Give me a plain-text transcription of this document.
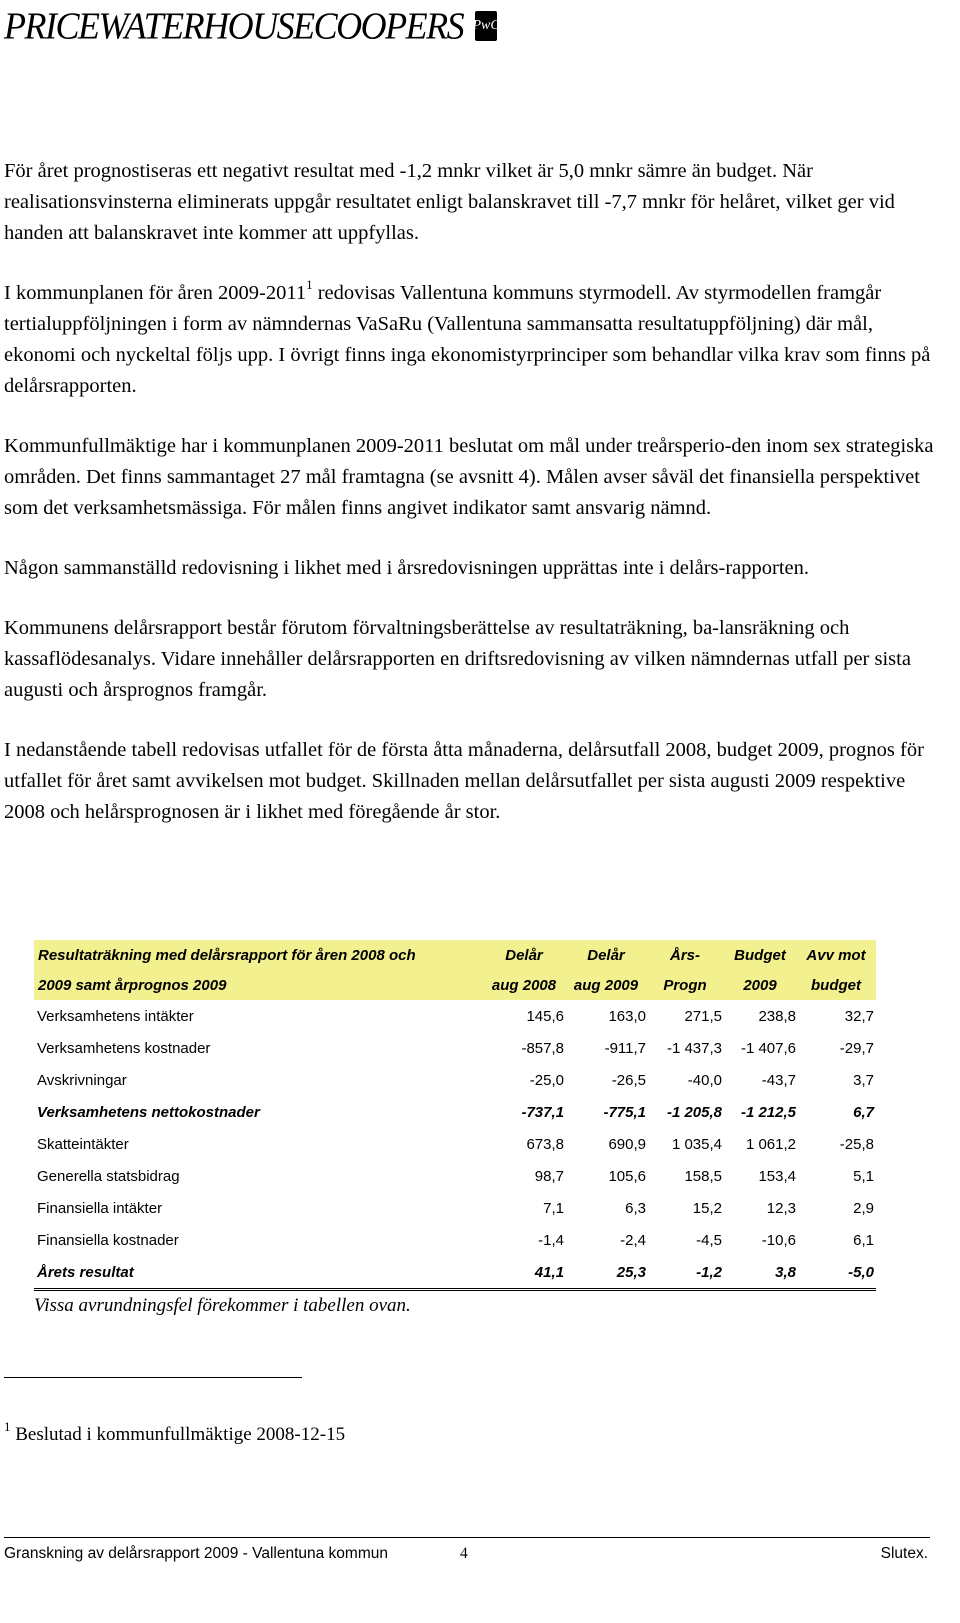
PRICEWATERHOUSECOOPERS PwC

För året prognostiseras ett negativt resultat med -1,2 mnkr vilket är 5,0 mnkr sämre än budget. När realisationsvinsterna eliminerats uppgår resultatet enligt balanskravet till -7,7 mnkr för helåret, vilket ger vid handen att balanskravet inte kommer att uppfyllas.

I kommunplanen för åren 2009-2011$^1$ redovisas Vallentuna kommuns styrmodell. Av styrmodellen framgår tertialuppföljningen i form av nämndernas VaSaRu (Vallentuna sammansatta resultatuppföljning) där mål, ekonomi och nyckeltal följs upp. I övrigt finns inga ekonomistyrprinciper som behandlar vilka krav som finns på delårsrapporten.

Kommunfullmäktige har i kommunplanen 2009-2011 beslutat om mål under treårsperio-den inom sex strategiska områden. Det finns sammantaget 27 mål framtagna (se avsnitt 4). Målen avser såväl det finansiella perspektivet som det verksamhetsmässiga. För målen finns angivet indikator samt ansvarig nämnd.

Någon sammanställd redovisning i likhet med i årsredovisningen upprättas inte i delårs-rapporten.

Kommunens delårsrapport består förutom förvaltningsberättelse av resultaträkning, ba-lansräkning och kassaflödesanalys. Vidare innehåller delårsrapporten en driftsredovisning av vilken nämndernas utfall per sista augusti och årsprognos framgår.

I nedanstående tabell redovisas utfallet för de första åtta månaderna, delårsutfall 2008, budget 2009, prognos för utfallet för året samt avvikelsen mot budget. Skillnaden mellan delårsutfallet per sista augusti 2009 respektive 2008 och helårsprognosen är i likhet med föregående år stor.

Resultaträkning med delårsrapport för åren 2008 och	Delår	Delår	Års-	Budget	Avv mot
2009 samt årprognos 2009	aug 2008	aug 2009	Progn	2009	budget
Verksamhetens intäkter	145,6	163,0	271,5	238,8	32,7
Verksamhetens kostnader	-857,8	-911,7	-1 437,3	-1 407,6	-29,7
Avskrivningar	-25,0	-26,5	-40,0	-43,7	3,7
Verksamhetens nettokostnader	-737,1	-775,1	-1 205,8	-1 212,5	6,7
Skatteintäkter	673,8	690,9	1 035,4	1 061,2	-25,8
Generella statsbidrag	98,7	105,6	158,5	153,4	5,1
Finansiella intäkter	7,1	6,3	15,2	12,3	2,9
Finansiella kostnader	-1,4	-2,4	-4,5	-10,6	6,1
Årets resultat	41,1	25,3	-1,2	3,8	-5,0
Vissa avrundningsfel förekommer i tabellen ovan.
$^1$ Beslutad i kommunfullmäktige 2008-12-15
Granskning av delårsrapport 2009 - Vallentuna kommun	4	Slutex.
